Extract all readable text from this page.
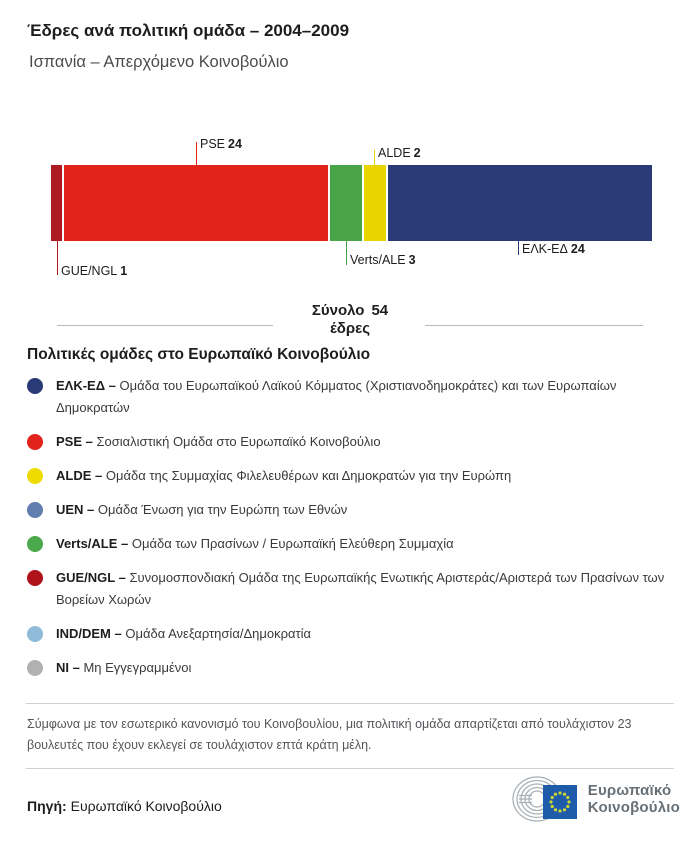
Έδρες ανά πολιτική ομάδα – 2004–2009
Ισπανία – Απερχόμενο Κοινοβούλιο
GUE/NGL 1
PSE 24
Verts/ALE 3
ALDE 2
ΕΛΚ-ΕΔ 24
Σύνολο 54
έδρες
Πολιτικές ομάδες στο Ευρωπαϊκό Κοινοβούλιο
ΕΛΚ-ΕΔ – Ομάδα του Ευρωπαϊκού Λαϊκού Κόμματος (Χριστιανοδημοκράτες) και των Ευρωπαίων Δημοκρατών
PSE – Σοσιαλιστική Ομάδα στο Ευρωπαϊκό Κοινοβούλιο
ALDE – Ομάδα της Συμμαχίας Φιλελευθέρων και Δημοκρατών για την Ευρώπη
UEN – Ομάδα Ένωση για την Ευρώπη των Εθνών
Verts/ALE – Ομάδα των Πρασίνων / Ευρωπαϊκή Ελεύθερη Συμμαχία
GUE/NGL – Συνομοσπονδιακή Ομάδα της Ευρωπαϊκής Ενωτικής Αριστεράς/Αριστερά των Πρασίνων των Βορείων Χωρών
IND/DEM – Ομάδα Ανεξαρτησία/Δημοκρατία
NI – Μη Εγγεγραμμένοι

Σύμφωνα με τον εσωτερικό κανονισμό του Κοινοβουλίου, μια πολιτική ομάδα απαρτίζεται από τουλάχιστον 23 βουλευτές που έχουν εκλεγεί σε τουλάχιστον επτά κράτη μέλη.

Πηγή: Ευρωπαϊκό Κοινοβούλιο
Ευρωπαϊκό
Κοινοβούλιο
